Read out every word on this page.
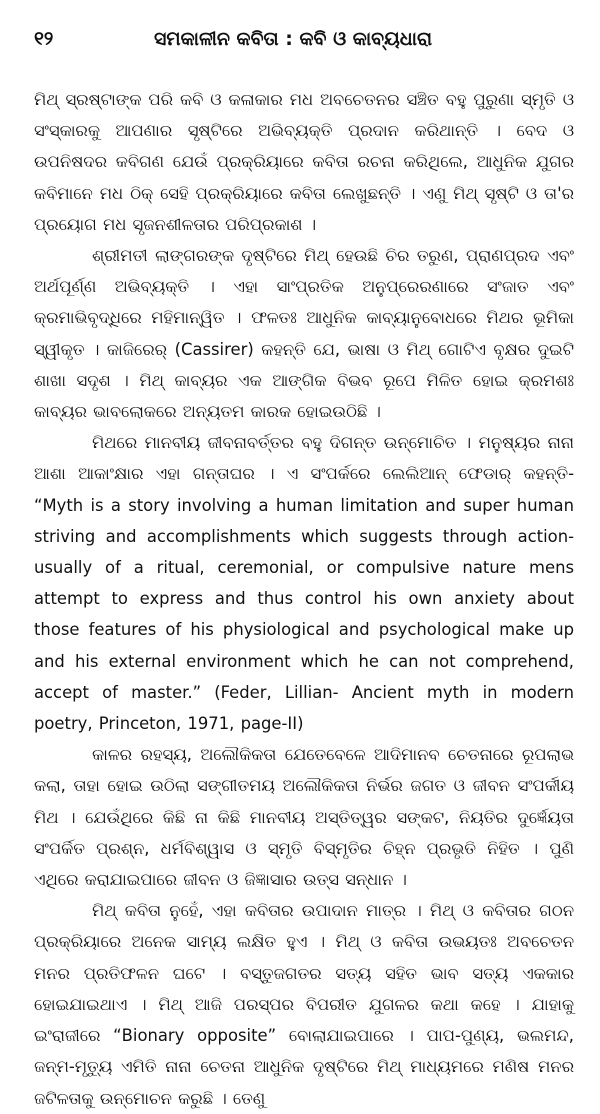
୧୨	ସମକାଳୀନ କବିତା : କବି ଓ କାବ୍ୟଧାରା

ମିଥ୍ ସ୍ରଷ୍ଟାଙ୍କ ପରି କବି ଓ କଳାକାର ମଧ ଅବଚେତନର ସଞ୍ଚିତ ବହୁ ପୁରୁଣା ସ୍ମୃତି ଓ ସଂସ୍କାରକୁ ଆପଣାର ସୃଷ୍ଟିରେ ଅଭିବ୍ୟକ୍ତି ପ୍ରଦାନ କରିଥାନ୍ତି । ବେଦ ଓ ଉପନିଷଦର କବିଗଣ ଯେଉଁ ପ୍ରକ୍ରିୟାରେ କବିତା ରଚନା କରିଥିଲେ, ଆଧୁନିକ ଯୁଗର କବିମାନେ ମଧ ଠିକ୍ ସେହି ପ୍ରକ୍ରିୟାରେ କବିତା ଲେଖୁଛନ୍ତି । ଏଣୁ ମିଥ୍ ସୃଷ୍ଟି ଓ ତା'ର ପ୍ରୟୋଗ ମଧ ସୃଜନଶୀଳତାର ପରିପ୍ରକାଶ ।

ଶ୍ରୀମତୀ ଲାଙ୍ଗରଙ୍କ ଦୃଷ୍ଟିରେ ମିଥ୍ ହେଉଛି ଚିର ତରୁଣ, ପ୍ରାଣପ୍ରଦ ଏବଂ ଅର୍ଥପୂର୍ଣ୍ଣ ଅଭିବ୍ୟକ୍ତି । ଏହା ସାଂପ୍ରତିକ ଅନୁପ୍ରେରଣାରେ ସଂଜାତ ଏବଂ କ୍ରମାଭିବୃଦ୍ଧିରେ ମହିମାନ୍ୱିତ । ଫଳତଃ ଆଧୁନିକ କାବ୍ୟାନୁବୋଧରେ ମିଥର ଭୂମିକା ସ୍ୱୀକୃତ । କାଜିରେର୍ (Cassirer) କହନ୍ତି ଯେ, ଭାଷା ଓ ମିଥ୍ ଗୋଟିଏ ବୃକ୍ଷର ଦୁଇଟି ଶାଖା ସଦୃଶ । ମିଥ୍ କାବ୍ୟର ଏକ ଆଙ୍ଗିକ ବିଭବ ରୂପେ ମିଳିତ ହୋଇ କ୍ରମଶଃ କାବ୍ୟର ଭାବଲୋକରେ ଅନ୍ୟତମ କାରକ ହୋଇଉଠିଛି ।

ମିଥରେ ମାନବୀୟ ଜୀବନାବର୍ତ୍ତର ବହୁ ଦିଗନ୍ତ ଉନ୍ମୋଚିତ । ମନୁଷ୍ୟର ନାନା ଆଶା ଆକାଂକ୍ଷାର ଏହା ଗନ୍ତାଘର । ଏ ସଂପର୍କରେ ଲେଲିଆନ୍ ଫେଡାର୍ କହନ୍ତି- “Myth is a story involving a human limitation and super human striving and accomplishments which suggests through action-usually of a ritual, ceremonial, or compulsive nature mens attempt to express and thus control his own anxiety about those features of his physiological and psychological make up and his external environment which he can not comprehend, accept of master.” (Feder, Lillian- Ancient myth in modern poetry, Princeton, 1971, page-II)

କାଳର ରହସ୍ୟ, ଅଲୌକିକତା ଯେତେବେଳେ ଆଦିମାନବ ଚେତନାରେ ରୂପଲାଭ କଲା, ତାହା ହୋଇ ଉଠିଲା ସଙ୍ଗୀତମୟ ଅଲୌକିକତା ନିର୍ଭର ଜଗତ ଓ ଜୀବନ ସଂପର୍କୀୟ ମିଥ । ଯେଉଁଥିରେ କିଛି ନା କିଛି ମାନବୀୟ ଅସ୍ତିତ୍ୱର ସଙ୍କଟ, ନିୟତିର ଦୁର୍ଜ୍ଞେୟତା ସଂପର୍କିତ ପ୍ରଶ୍ନ, ଧର୍ମବିଶ୍ୱାସ ଓ ସ୍ମୃତି ବିସ୍ମୃତିର ଚିହ୍ନ ପ୍ରଭୃତି ନିହିତ । ପୁଣି ଏଥିରେ କରାଯାଇପାରେ ଜୀବନ ଓ ଜିଜ୍ଞାସାର ଉତ୍ସ ସନ୍ଧାନ ।

ମିଥ୍ କବିତା ନୁହେଁ, ଏହା କବିତାର ଉପାଦାନ ମାତ୍ର । ମିଥ୍ ଓ କବିତାର ଗଠନ ପ୍ରକ୍ରିୟାରେ ଅନେକ ସାମ୍ୟ ଲକ୍ଷିତ ହୁଏ । ମିଥ୍ ଓ କବିତା ଉଭୟତଃ ଅବଚେତନ ମନର ପ୍ରତିଫଳନ ଘଟେ । ବସ୍ତୁଜଗତର ସତ୍ୟ ସହିତ ଭାବ ସତ୍ୟ ଏକକାର ହୋଇଯାଇଥାଏ । ମିଥ୍ ଆଜି ପରସ୍ପର ବିପରୀତ ଯୁଗଳର କଥା କହେ । ଯାହାକୁ ଇଂରାଜୀରେ “Bionary opposite” ବୋଲାଯାଇପାରେ । ପାପ-ପୁଣ୍ୟ, ଭଲମନ୍ଦ, ଜନ୍ମ-ମୃତ୍ୟୁ ଏମିତି ନାନା ଚେତନା ଆଧୁନିକ ଦୃଷ୍ଟିରେ ମିଥ୍ ମାଧ୍ୟମରେ ମଣିଷ ମନର ଜଟିଳତାକୁ ଉନ୍ମୋଚନ କରୁଛି । ତେଣୁ
